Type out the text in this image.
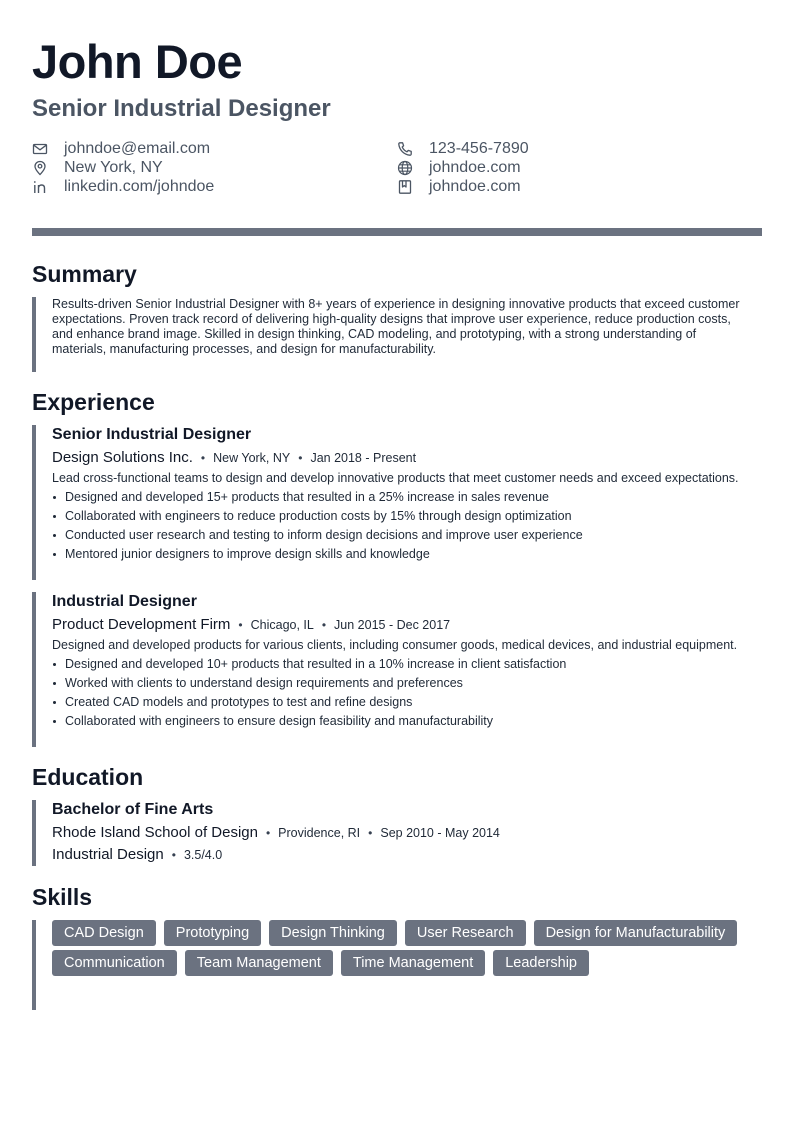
John Doe
Senior Industrial Designer
johndoe@email.com	123-456-7890
New York, NY	johndoe.com
linkedin.com/johndoe	johndoe.com
Summary
Results-driven Senior Industrial Designer with 8+ years of experience in designing innovative products that exceed customer expectations. Proven track record of delivering high-quality designs that improve user experience, reduce production costs, and enhance brand image. Skilled in design thinking, CAD modeling, and prototyping, with a strong understanding of materials, manufacturing processes, and design for manufacturability.
Experience
Senior Industrial Designer
Design Solutions Inc. • New York, NY • Jan 2018 - Present
Lead cross-functional teams to design and develop innovative products that meet customer needs and exceed expectations.
Designed and developed 15+ products that resulted in a 25% increase in sales revenue
Collaborated with engineers to reduce production costs by 15% through design optimization
Conducted user research and testing to inform design decisions and improve user experience
Mentored junior designers to improve design skills and knowledge
Industrial Designer
Product Development Firm • Chicago, IL • Jun 2015 - Dec 2017
Designed and developed products for various clients, including consumer goods, medical devices, and industrial equipment.
Designed and developed 10+ products that resulted in a 10% increase in client satisfaction
Worked with clients to understand design requirements and preferences
Created CAD models and prototypes to test and refine designs
Collaborated with engineers to ensure design feasibility and manufacturability
Education
Bachelor of Fine Arts
Rhode Island School of Design • Providence, RI • Sep 2010 - May 2014
Industrial Design • 3.5/4.0
Skills
CAD Design	Prototyping	Design Thinking	User Research	Design for Manufacturability
Communication	Team Management	Time Management	Leadership
